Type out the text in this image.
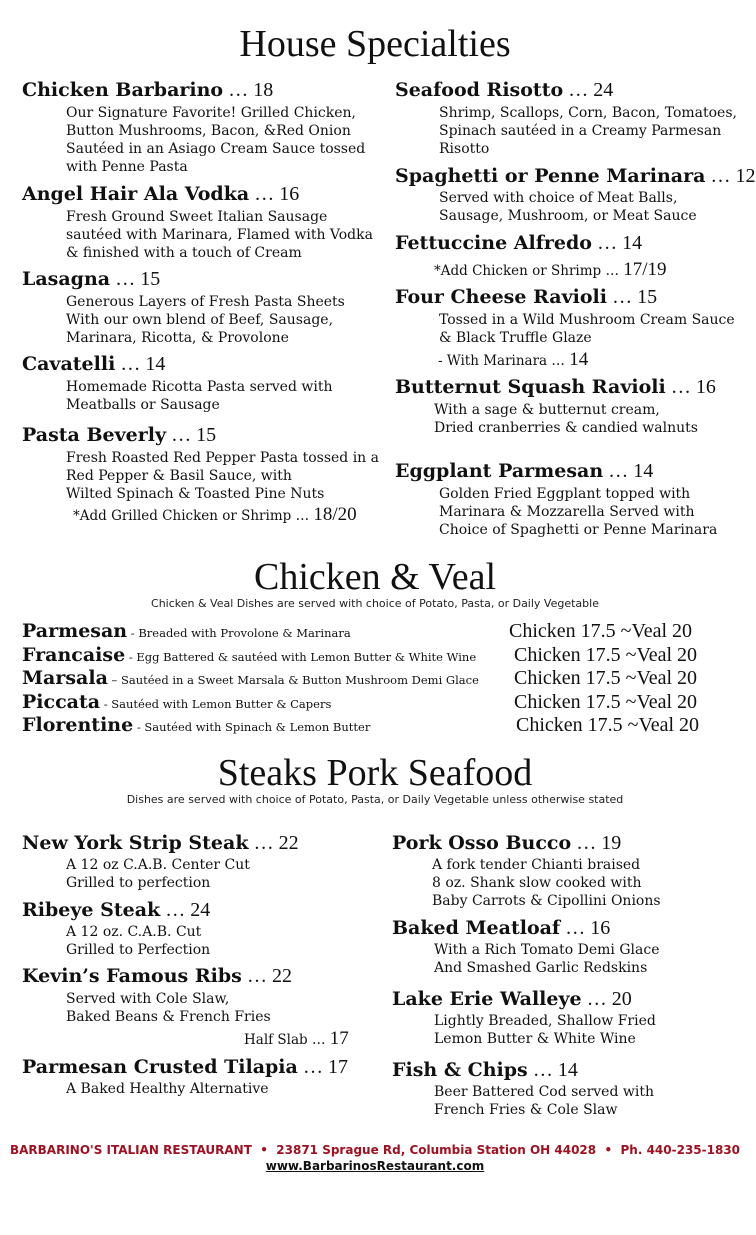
House Specialties
Chicken Barbarino … 18
Our Signature Favorite! Grilled Chicken,
Button Mushrooms, Bacon, &Red Onion
Sautéed in an Asiago Cream Sauce tossed
with Penne Pasta
Angel Hair Ala Vodka … 16
Fresh Ground Sweet Italian Sausage
sautéed with Marinara, Flamed with Vodka
& finished with a touch of Cream
Lasagna … 15
Generous Layers of Fresh Pasta Sheets
With our own blend of Beef, Sausage,
Marinara, Ricotta, & Provolone
Cavatelli … 14
Homemade Ricotta Pasta served with
Meatballs or Sausage
Pasta Beverly … 15
Fresh Roasted Red Pepper Pasta tossed in a
Red Pepper & Basil Sauce, with
Wilted Spinach & Toasted Pine Nuts
*Add Grilled Chicken or Shrimp … 18/20
Seafood Risotto … 24
Shrimp, Scallops, Corn, Bacon, Tomatoes,
Spinach sautéed in a Creamy Parmesan
Risotto
Spaghetti or Penne Marinara … 12
Served with choice of Meat Balls,
Sausage, Mushroom, or Meat Sauce
Fettuccine Alfredo … 14
*Add Chicken or Shrimp … 17/19
Four Cheese Ravioli … 15
Tossed in a Wild Mushroom Cream Sauce
& Black Truffle Glaze
- With Marinara … 14
Butternut Squash Ravioli … 16
With a sage & butternut cream,
Dried cranberries & candied walnuts
Eggplant Parmesan … 14
Golden Fried Eggplant topped with
Marinara & Mozzarella Served with
Choice of Spaghetti or Penne Marinara
Chicken & Veal
Chicken & Veal Dishes are served with choice of Potato, Pasta, or Daily Vegetable
Parmesan - Breaded with Provolone & Marinara	Chicken 17.5 ~Veal 20
Francaise - Egg Battered & sautéed with Lemon Butter & White Wine Chicken 17.5 ~Veal 20
Marsala – Sautéed in a Sweet Marsala & Button Mushroom Demi Glace Chicken 17.5 ~Veal 20
Piccata - Sautéed with Lemon Butter & Capers	Chicken 17.5 ~Veal 20
Florentine - Sautéed with Spinach & Lemon Butter	Chicken 17.5 ~Veal 20
Steaks Pork Seafood
Dishes are served with choice of Potato, Pasta, or Daily Vegetable unless otherwise stated
New York Strip Steak … 22
A 12 oz C.A.B. Center Cut
Grilled to perfection
Ribeye Steak … 24
A 12 oz. C.A.B. Cut
Grilled to Perfection
Kevin’s Famous Ribs … 22
Served with Cole Slaw,
Baked Beans & French Fries
Half Slab … 17
Parmesan Crusted Tilapia … 17
A Baked Healthy Alternative
Pork Osso Bucco … 19
A fork tender Chianti braised
8 oz. Shank slow cooked with
Baby Carrots & Cipollini Onions
Baked Meatloaf … 16
With a Rich Tomato Demi Glace
And Smashed Garlic Redskins
Lake Erie Walleye … 20
Lightly Breaded, Shallow Fried
Lemon Butter & White Wine
Fish & Chips … 14
Beer Battered Cod served with
French Fries & Cole Slaw
BARBARINO'S ITALIAN RESTAURANT  •  23871 Sprague Rd, Columbia Station OH 44028  •  Ph. 440-235-1830
www.BarbarinosRestaurant.com
